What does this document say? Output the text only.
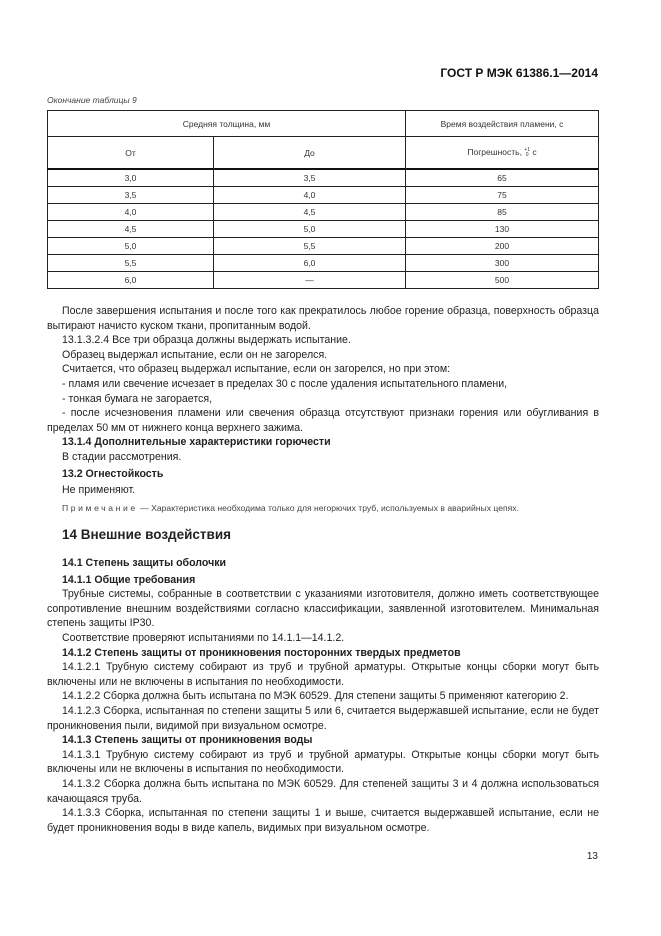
ГОСТ Р МЭК 61386.1—2014
Окончание таблицы 9
Средняя толщина, мм		Время воздействия пламени, с
От	До	Погрешность, +1
0 с
3,0	3,5	65
3,5	4,0	75
4,0	4,5	85
4,5	5,0	130
5,0	5,5	200
5,5	6,0	300
6,0	—	500

После завершения испытания и после того как прекратилось любое горение образца, поверхность образца вытирают начисто куском ткани, пропитанным водой.

13.1.3.2.4 Все три образца должны выдержать испытание.

Образец выдержал испытание, если он не загорелся.

Считается, что образец выдержал испытание, если он загорелся, но при этом:

- пламя или свечение исчезает в пределах 30 с после удаления испытательного пламени,

- тонкая бумага не загорается,

- после исчезновения пламени или свечения образца отсутствуют признаки горения или обугливания в пределах 50 мм от нижнего конца верхнего зажима.

13.1.4 Дополнительные характеристики горючести

В стадии рассмотрения.

13.2 Огнестойкость

Не применяют.

Примечание — Характеристика необходима только для негорючих труб, используемых в аварийных цепях.

14 Внешние воздействия
14.1 Степень защиты оболочки
14.1.1 Общие требования

Трубные системы, собранные в соответствии с указаниями изготовителя, должно иметь соответствующее сопротивление внешним воздействиями согласно классификации, заявленной изготовителем. Минимальная степень защиты IP30.

Соответствие проверяют испытаниями по 14.1.1—14.1.2.

14.1.2 Степень защиты от проникновения посторонних твердых предметов

14.1.2.1 Трубную систему собирают из труб и трубной арматуры. Открытые концы сборки могут быть включены или не включены в испытания по необходимости.

14.1.2.2 Сборка должна быть испытана по МЭК 60529. Для степени защиты 5 применяют категорию 2.

14.1.2.3 Сборка, испытанная по степени защиты 5 или 6, считается выдержавшей испытание, если не будет проникновения пыли, видимой при визуальном осмотре.

14.1.3 Степень защиты от проникновения воды

14.1.3.1 Трубную систему собирают из труб и трубной арматуры. Открытые концы сборки могут быть включены или не включены в испытания по необходимости.

14.1.3.2 Сборка должна быть испытана по МЭК 60529. Для степеней защиты 3 и 4 должна использоваться качающаяся труба.

14.1.3.3 Сборка, испытанная по степени защиты 1 и выше, считается выдержавшей испытание, если не будет проникновения воды в виде капель, видимых при визуальном осмотре.

13
